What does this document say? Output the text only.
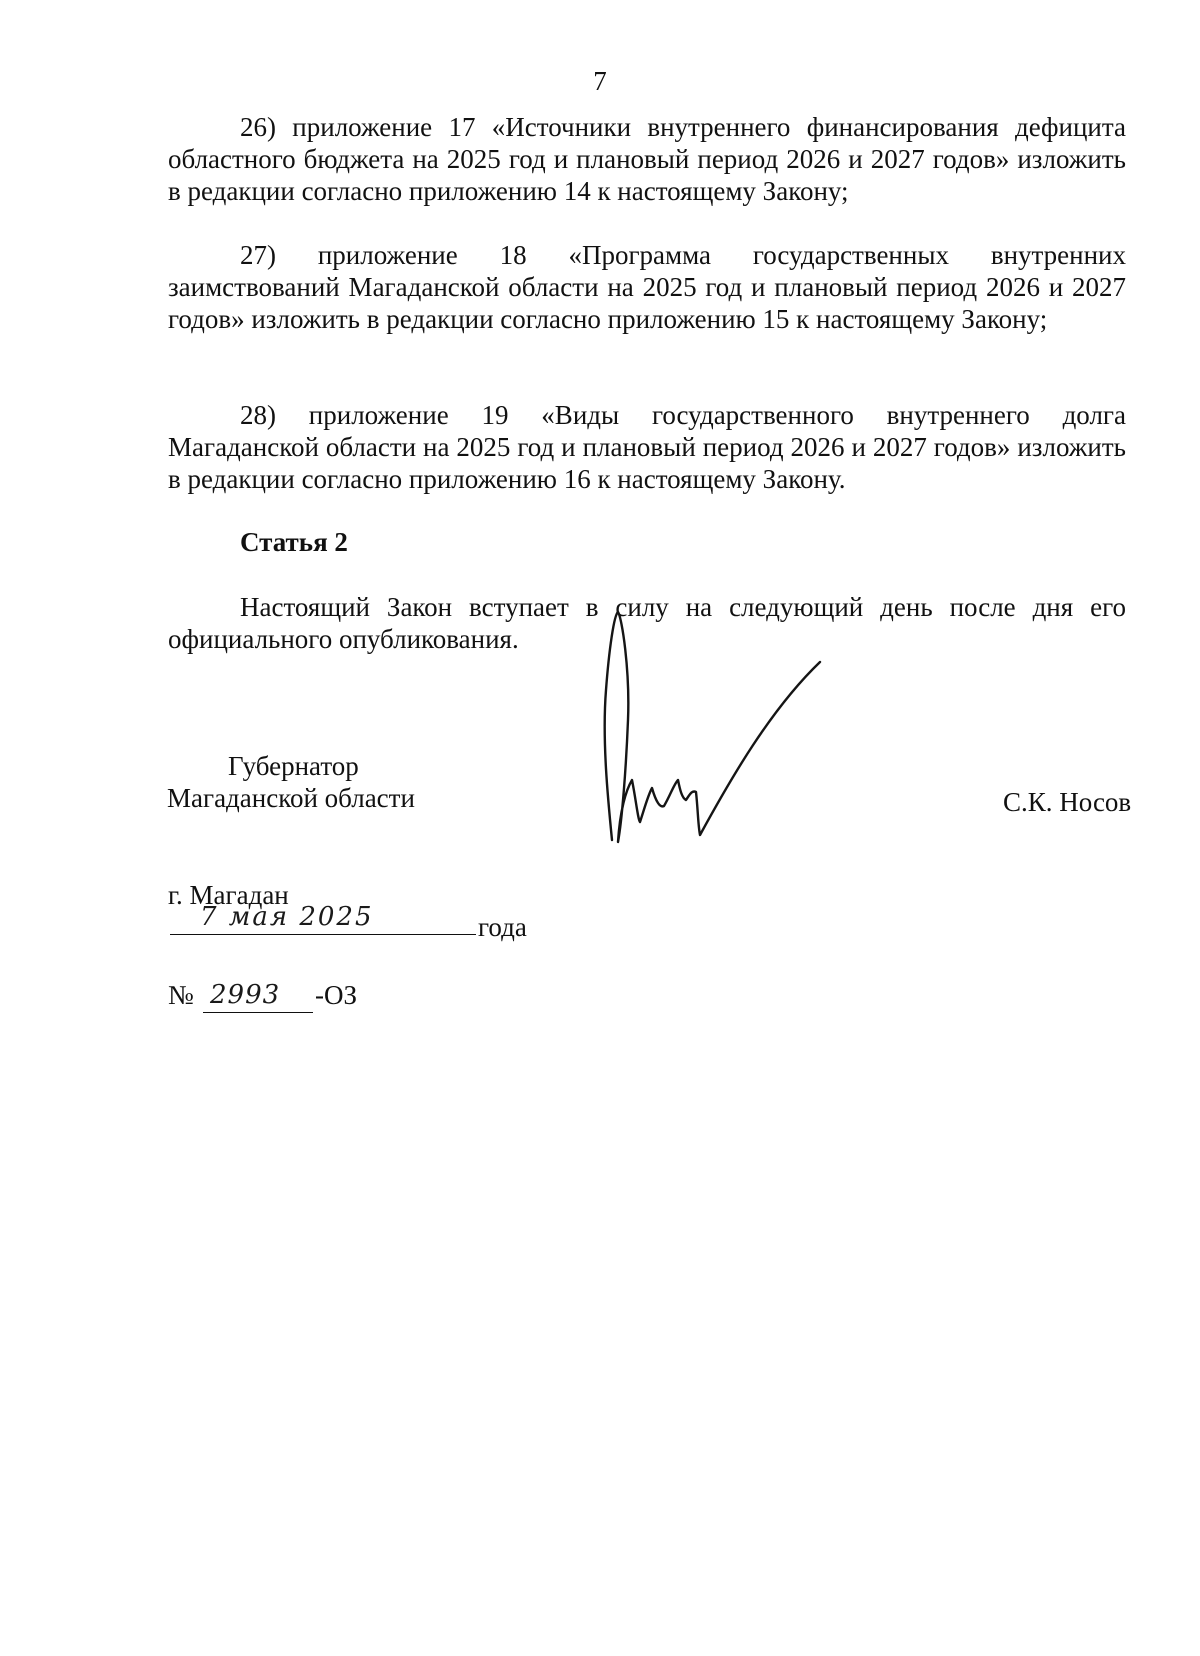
7

26) приложение 17 «Источники внутреннего финансирования дефицита областного бюджета на 2025 год и плановый период 2026 и 2027 годов» изложить в редакции согласно приложению 14 к настоящему Закону;

27) приложение 18 «Программа государственных внутренних заимствований Магаданской области на 2025 год и плановый период 2026 и 2027 годов» изложить в редакции согласно приложению 15 к настоящему Закону;

28) приложение 19 «Виды государственного внутреннего долга Магаданской области на 2025 год и плановый период 2026 и 2027 годов» изложить в редакции согласно приложению 16 к настоящему Закону.

Статья 2

Настоящий Закон вступает в силу на следующий день после дня его официального опубликования.

Губернатор
Магаданской области	С.К. Носов
г. Магадан
7 мая 2025	года
№ 2993 -ОЗ
